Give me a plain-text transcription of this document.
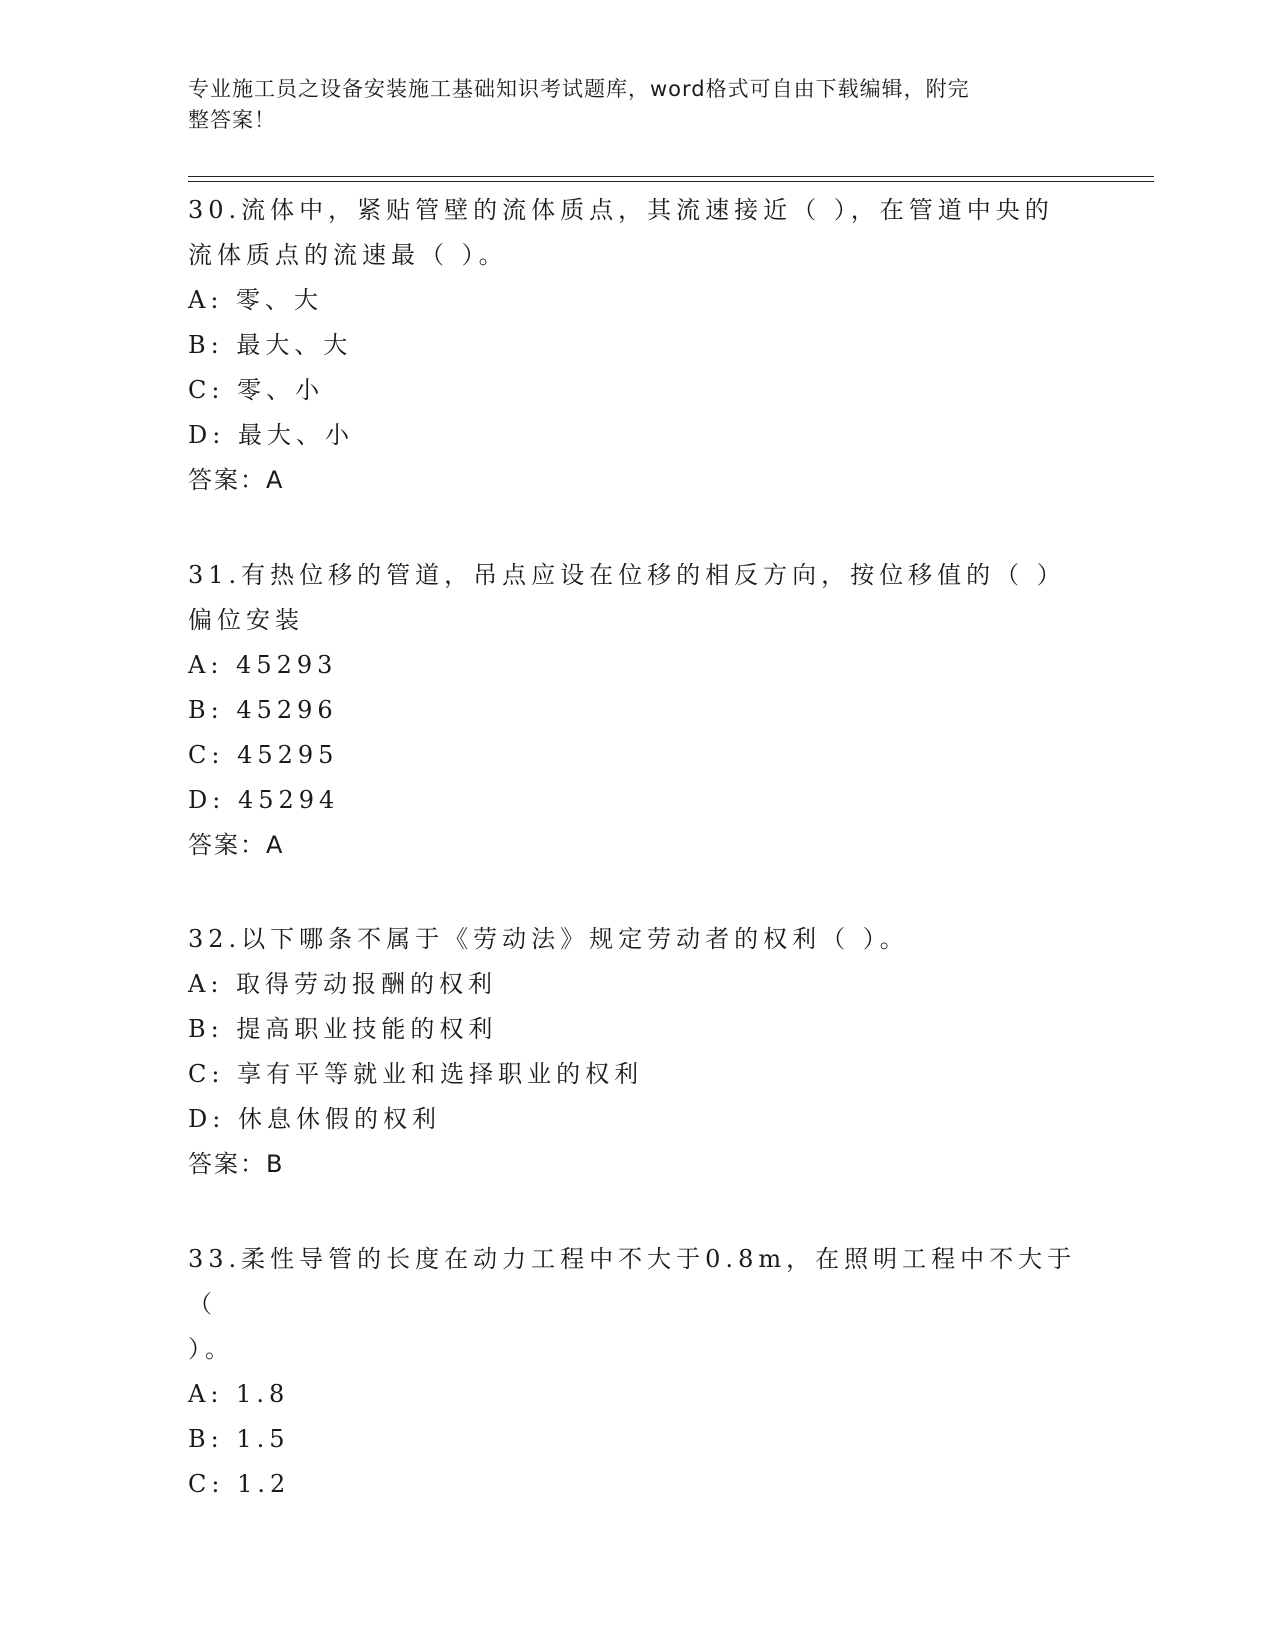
专业施工员之设备安装施工基础知识考试题库，word格式可自由下载编辑，附完
整答案！
30.流体中，紧贴管壁的流体质点，其流速接近（ ），在管道中央的
流体质点的流速最（ ）。
A: 零、大
B: 最大、大
C: 零、小
D: 最大、小
答案：A
31.有热位移的管道，吊点应设在位移的相反方向，按位移值的（ ）
偏位安装
A: 45293
B: 45296
C: 45295
D: 45294
答案：A
32.以下哪条不属于《劳动法》规定劳动者的权利（ ）。
A: 取得劳动报酬的权利
B: 提高职业技能的权利
C: 享有平等就业和选择职业的权利
D: 休息休假的权利
答案：B
33.柔性导管的长度在动力工程中不大于0.8m，在照明工程中不大于（
）。
A: 1.8
B: 1.5
C: 1.2
